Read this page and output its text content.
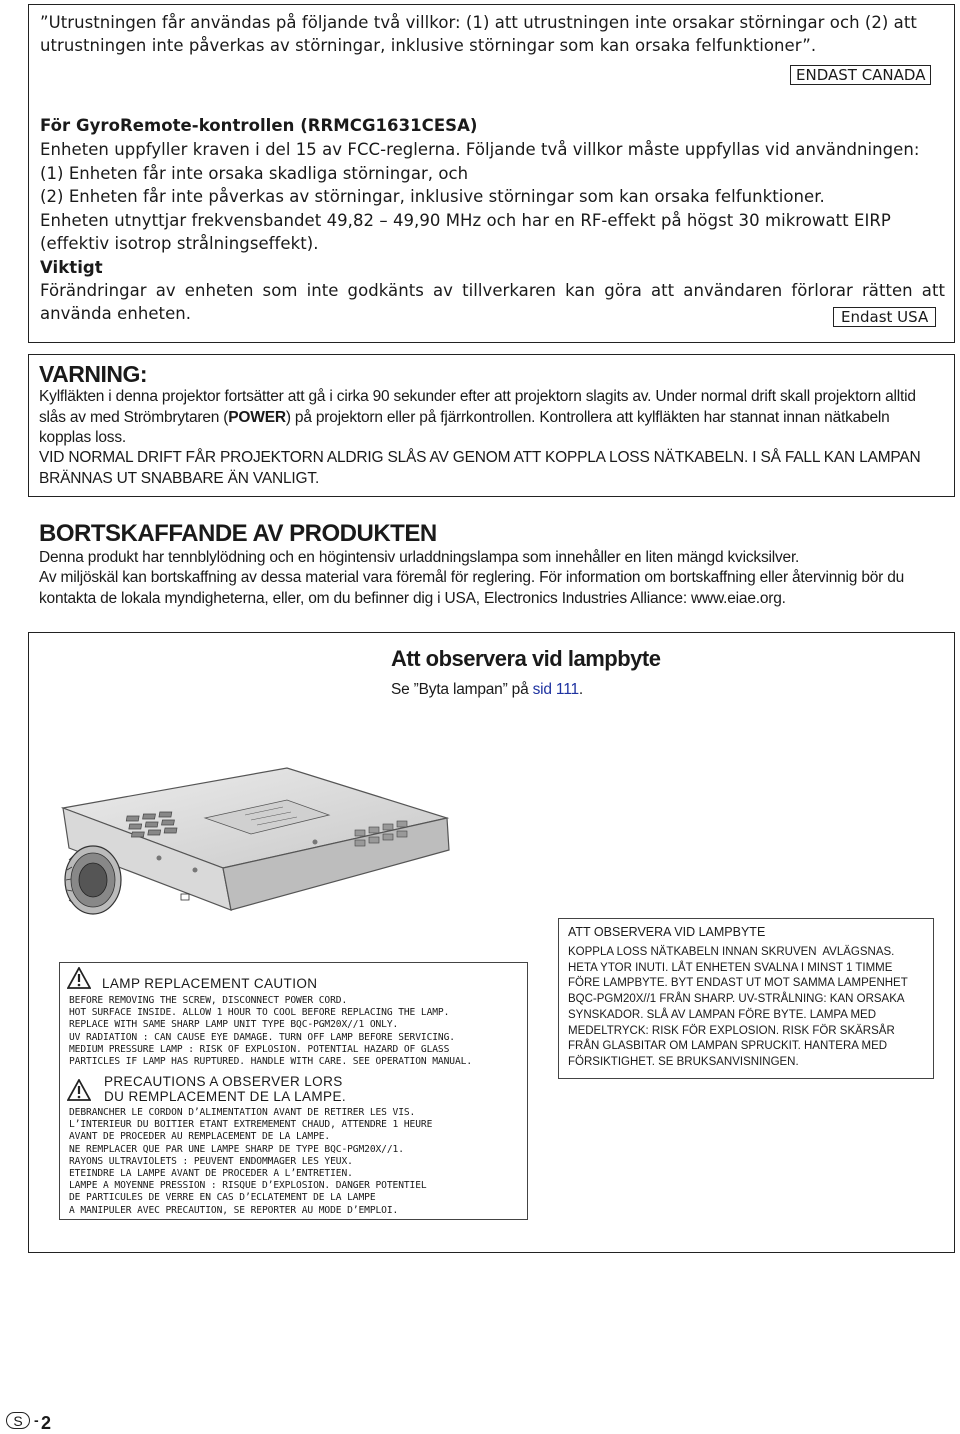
”Utrustningen får användas på följande två villkor: (1) att utrustningen inte orsakar störningar och (2) att utrustningen inte påverkas av störningar, inklusive störningar som kan orsaka felfunktioner”.

ENDAST CANADA

För GyroRemote-kontrollen (RRMCG1631CESA)

Enheten uppfyller kraven i del 15 av FCC-reglerna. Följande två villkor måste uppfyllas vid användningen:

(1) Enheten får inte orsaka skadliga störningar, och

(2) Enheten får inte påverkas av störningar, inklusive störningar som kan orsaka felfunktioner.

Enheten utnyttjar frekvensbandet 49,82 – 49,90 MHz och har en RF-effekt på högst 30 mikrowatt EIRP (effektiv isotrop strålningseffekt).

Viktigt

Förändringar av enheten som inte godkänts av tillverkaren kan göra att användaren förlorar rätten att använda enheten.	Endast USA

VARNING:

Kylfläkten i denna projektor fortsätter att gå i cirka 90 sekunder efter att projektorn slagits av. Under normal drift skall projektorn alltid slås av med Strömbrytaren (POWER) på projektorn eller på fjärrkontrollen. Kontrollera att kylfläkten har stannat innan nätkabeln kopplas loss.

VID NORMAL DRIFT FÅR PROJEKTORN ALDRIG SLÅS AV GENOM ATT KOPPLA LOSS NÄTKABELN. I SÅ FALL KAN LAMPAN BRÄNNAS UT SNABBARE ÄN VANLIGT.

BORTSKAFFANDE AV PRODUKTEN

Denna produkt har tennblylödning och en högintensiv urladdningslampa som innehåller en liten mängd kvicksilver.

Av miljöskäl kan bortskaffning av dessa material vara föremål för reglering. För information om bortskaffning eller återvinnig bör du kontakta de lokala myndigheterna, eller, om du befinner dig i USA, Electronics Industries Alliance: www.eiae.org.

Att observera vid lampbyte

Se ”Byta lampan” på sid 111.

LAMP REPLACEMENT CAUTION

BEFORE REMOVING THE SCREW, DISCONNECT POWER CORD.
HOT SURFACE INSIDE. ALLOW 1 HOUR TO COOL BEFORE REPLACING THE LAMP.
REPLACE WITH SAME SHARP LAMP UNIT TYPE BQC-PGM20X//1 ONLY.
UV RADIATION : CAN CAUSE EYE DAMAGE. TURN OFF LAMP BEFORE SERVICING.
MEDIUM PRESSURE LAMP : RISK OF EXPLOSION. POTENTIAL HAZARD OF GLASS
PARTICLES IF LAMP HAS RUPTURED. HANDLE WITH CARE. SEE OPERATION MANUAL.

PRECAUTIONS A OBSERVER LORS
DU REMPLACEMENT DE LA LAMPE.

DEBRANCHER LE CORDON D’ALIMENTATION AVANT DE RETIRER LES VIS.
L’INTERIEUR DU BOITIER ETANT EXTREMEMENT CHAUD, ATTENDRE 1 HEURE
AVANT DE PROCEDER AU REMPLACEMENT DE LA LAMPE.
NE REMPLACER QUE PAR UNE LAMPE SHARP DE TYPE BQC-PGM20X//1.
RAYONS ULTRAVIOLETS : PEUVENT ENDOMMAGER LES YEUX.
ETEINDRE LA LAMPE AVANT DE PROCEDER A L’ENTRETIEN.
LAMPE A MOYENNE PRESSION : RISQUE D’EXPLOSION. DANGER POTENTIEL
DE PARTICULES DE VERRE EN CAS D’ECLATEMENT DE LA LAMPE
A MANIPULER AVEC PRECAUTION, SE REPORTER AU MODE D’EMPLOI.

ATT OBSERVERA VID LAMPBYTE

KOPPLA LOSS NÄTKABELN INNAN SKRUVEN  AVLÄGSNAS.
HETA YTOR INUTI. LÅT ENHETEN SVALNA I MINST 1 TIMME
FÖRE LAMPBYTE. BYT ENDAST UT MOT SAMMA LAMPENHET
BQC-PGM20X//1 FRÅN SHARP. UV-STRÅLNING: KAN ORSAKA
SYNSKADOR. SLÅ AV LAMPAN FÖRE BYTE. LAMPA MED
MEDELTRYCK: RISK FÖR EXPLOSION. RISK FÖR SKÄRSÅR
FRÅN GLASBITAR OM LAMPAN SPRUCKIT. HANTERA MED
FÖRSIKTIGHET. SE BRUKSANVISNINGEN.

S - 2
